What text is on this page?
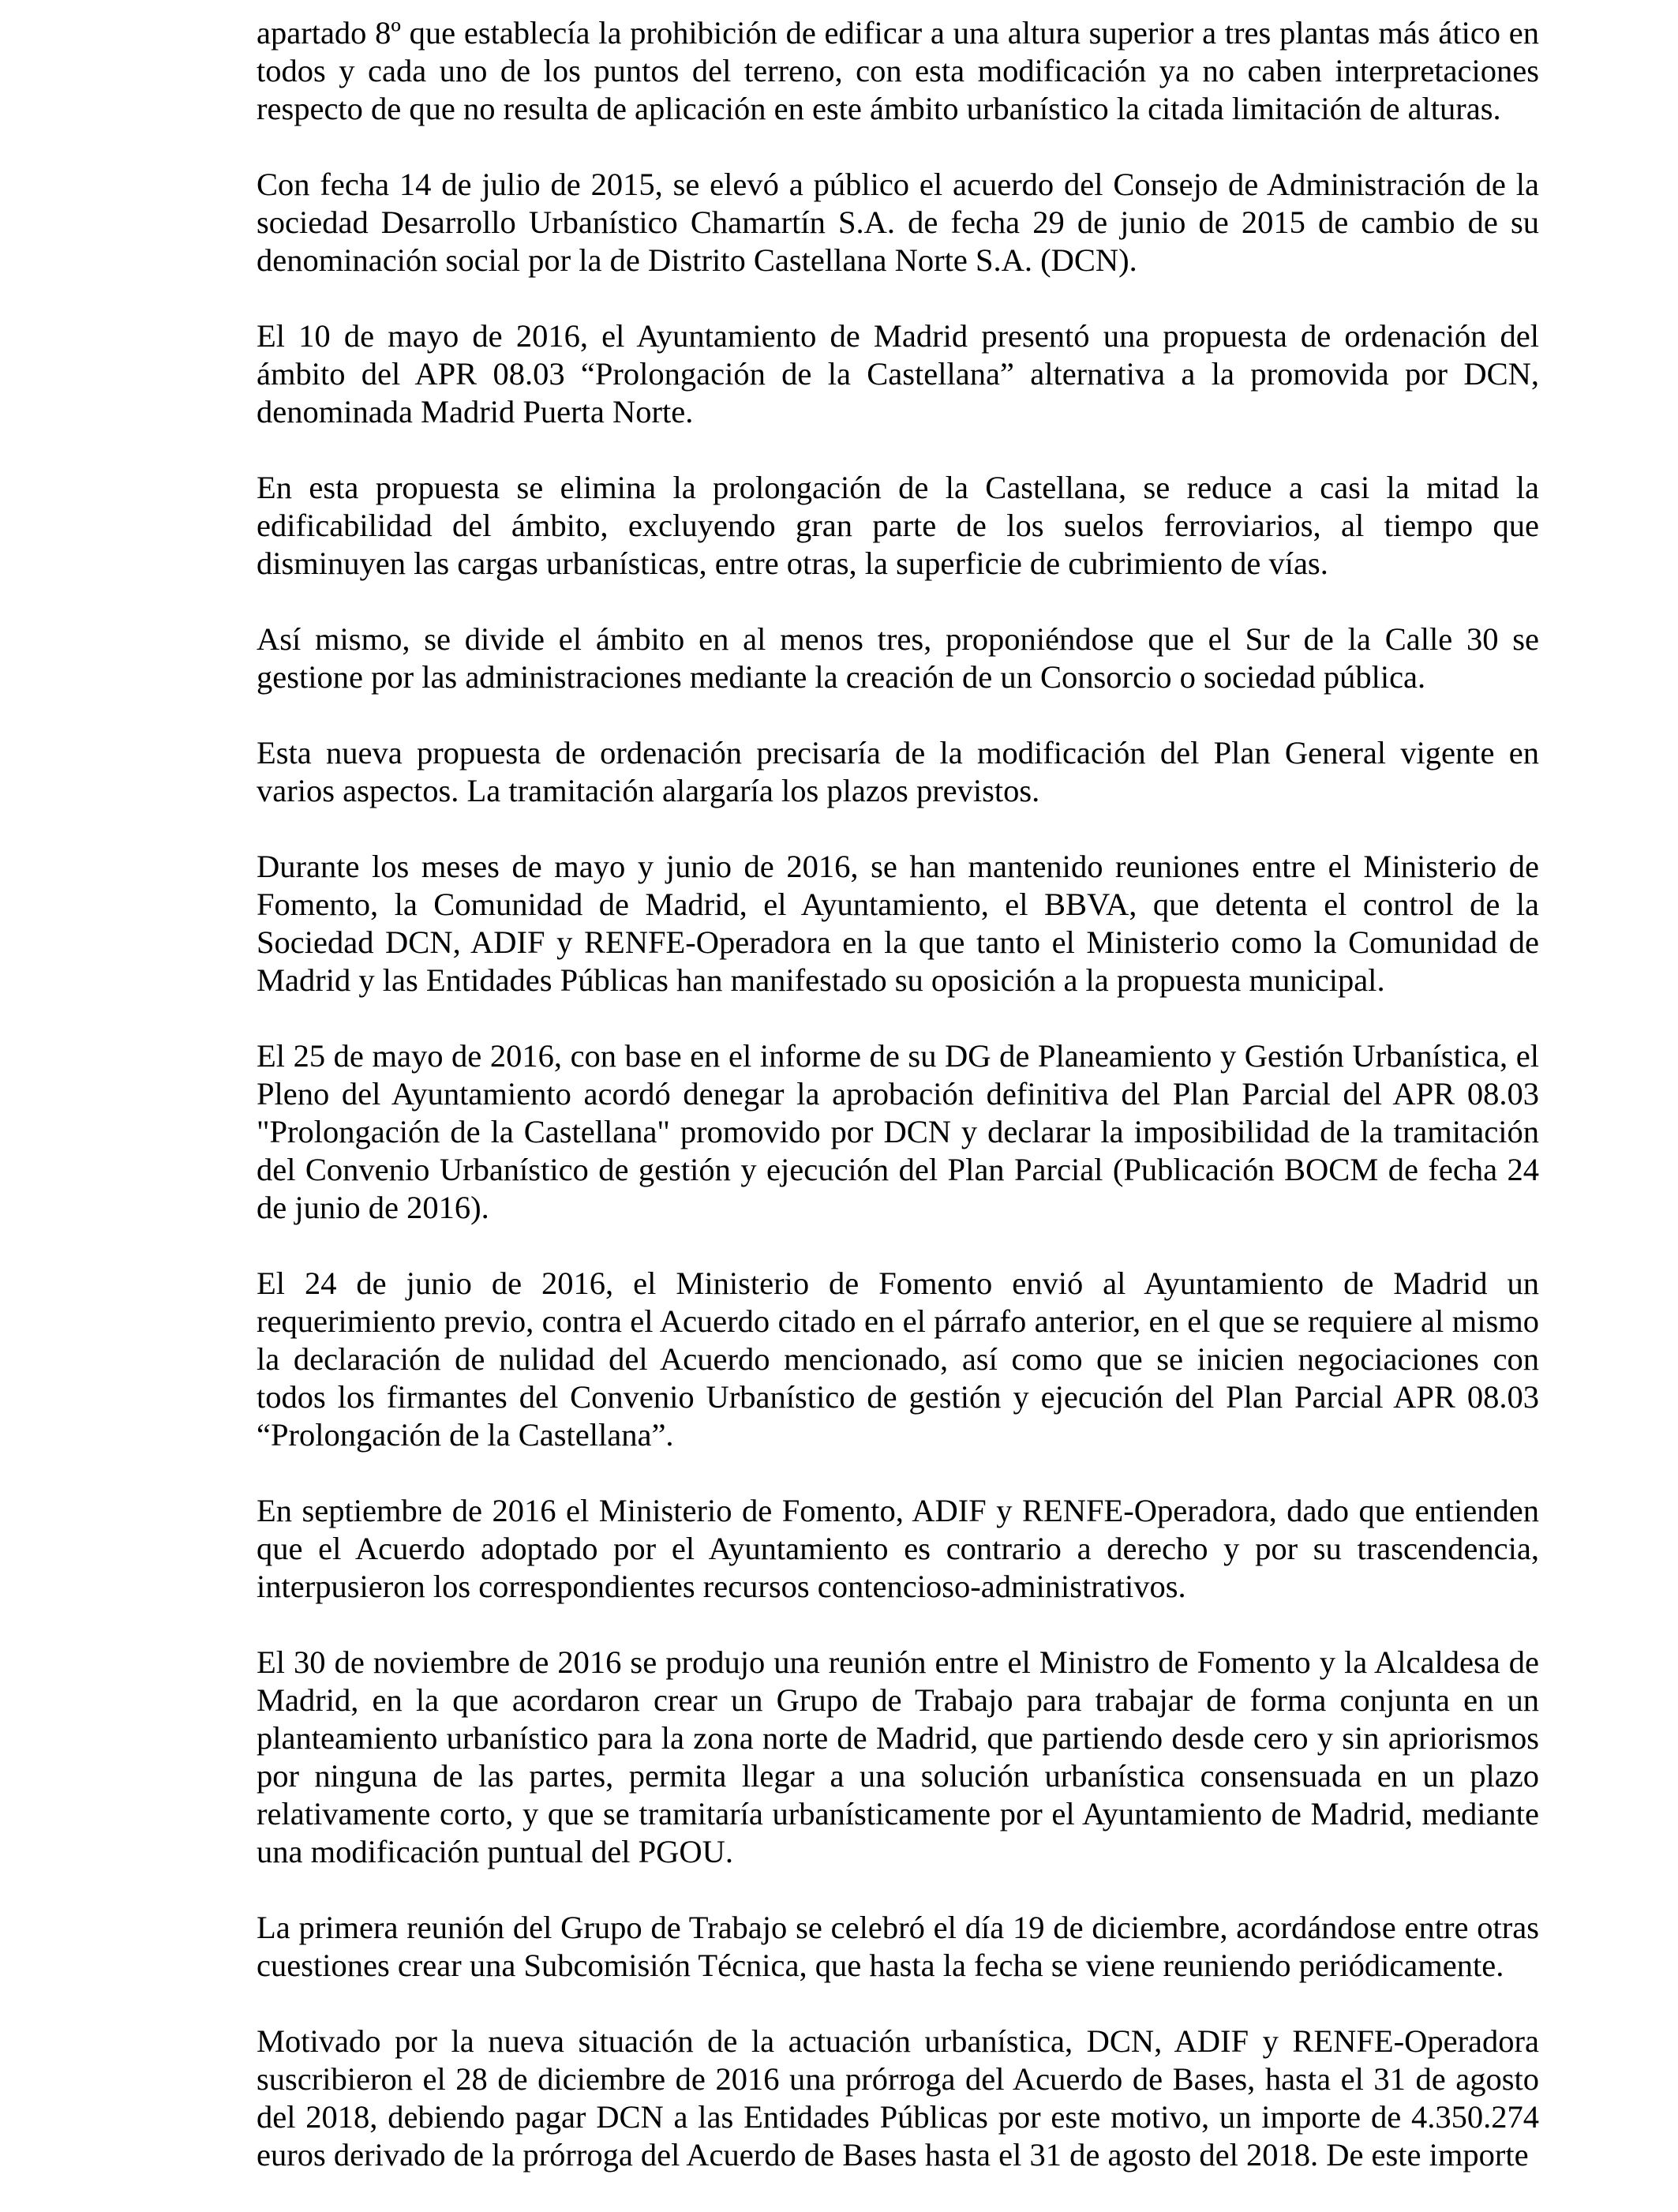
apartado 8º que establecía la prohibición de edificar a una altura superior a tres plantas más ático en todos y cada uno de los puntos del terreno, con esta modificación ya no caben interpretaciones respecto de que no resulta de aplicación en este ámbito urbanístico la citada limitación de alturas.

Con fecha 14 de julio de 2015, se elevó a público el acuerdo del Consejo de Administración de la sociedad Desarrollo Urbanístico Chamartín S.A. de fecha 29 de junio de 2015 de cambio de su denominación social por la de Distrito Castellana Norte S.A. (DCN).

El 10 de mayo de 2016, el Ayuntamiento de Madrid presentó una propuesta de ordenación del ámbito del APR 08.03 “Prolongación de la Castellana” alternativa a la promovida por DCN, denominada Madrid Puerta Norte.

En esta propuesta se elimina la prolongación de la Castellana, se reduce a casi la mitad la edificabilidad del ámbito, excluyendo gran parte de los suelos ferroviarios, al tiempo que disminuyen las cargas urbanísticas, entre otras, la superficie de cubrimiento de vías.

Así mismo, se divide el ámbito en al menos tres, proponiéndose que el Sur de la Calle 30 se gestione por las administraciones mediante la creación de un Consorcio o sociedad pública.

Esta nueva propuesta de ordenación precisaría de la modificación del Plan General vigente en varios aspectos. La tramitación alargaría los plazos previstos.

Durante los meses de mayo y junio de 2016, se han mantenido reuniones entre el Ministerio de Fomento, la Comunidad de Madrid, el Ayuntamiento, el BBVA, que detenta el control de la Sociedad DCN, ADIF y RENFE-Operadora en la que tanto el Ministerio como la Comunidad de Madrid y las Entidades Públicas han manifestado su oposición a la propuesta municipal.

El 25 de mayo de 2016, con base en el informe de su DG de Planeamiento y Gestión Urbanística, el Pleno del Ayuntamiento acordó denegar la aprobación definitiva del Plan Parcial del APR 08.03 "Prolongación de la Castellana" promovido por DCN y declarar la imposibilidad de la tramitación del Convenio Urbanístico de gestión y ejecución del Plan Parcial (Publicación BOCM de fecha 24 de junio de 2016).

El 24 de junio de 2016, el Ministerio de Fomento envió al Ayuntamiento de Madrid un requerimiento previo, contra el Acuerdo citado en el párrafo anterior, en el que se requiere al mismo la declaración de nulidad del Acuerdo mencionado, así como que se inicien negociaciones con todos los firmantes del Convenio Urbanístico de gestión y ejecución del Plan Parcial APR 08.03 “Prolongación de la Castellana”.

En septiembre de 2016 el Ministerio de Fomento, ADIF y RENFE-Operadora, dado que entienden que el Acuerdo adoptado por el Ayuntamiento es contrario a derecho y por su trascendencia, interpusieron los correspondientes recursos contencioso-administrativos.

El 30 de noviembre de 2016 se produjo una reunión entre el Ministro de Fomento y la Alcaldesa de Madrid, en la que acordaron crear un Grupo de Trabajo para trabajar de forma conjunta en un planteamiento urbanístico para la zona norte de Madrid, que partiendo desde cero y sin apriorismos por ninguna de las partes, permita llegar a una solución urbanística consensuada en un plazo relativamente corto, y que se tramitaría urbanísticamente por el Ayuntamiento de Madrid, mediante una modificación puntual del PGOU.

La primera reunión del Grupo de Trabajo se celebró el día 19 de diciembre, acordándose entre otras cuestiones crear una Subcomisión Técnica, que hasta la fecha se viene reuniendo periódicamente.

Motivado por la nueva situación de la actuación urbanística, DCN, ADIF y RENFE-Operadora suscribieron el 28 de diciembre de 2016 una prórroga del Acuerdo de Bases, hasta el 31 de agosto del 2018, debiendo pagar DCN a las Entidades Públicas por este motivo, un importe de 4.350.274 euros derivado de la prórroga del Acuerdo de Bases hasta el 31 de agosto del 2018. De este importe
